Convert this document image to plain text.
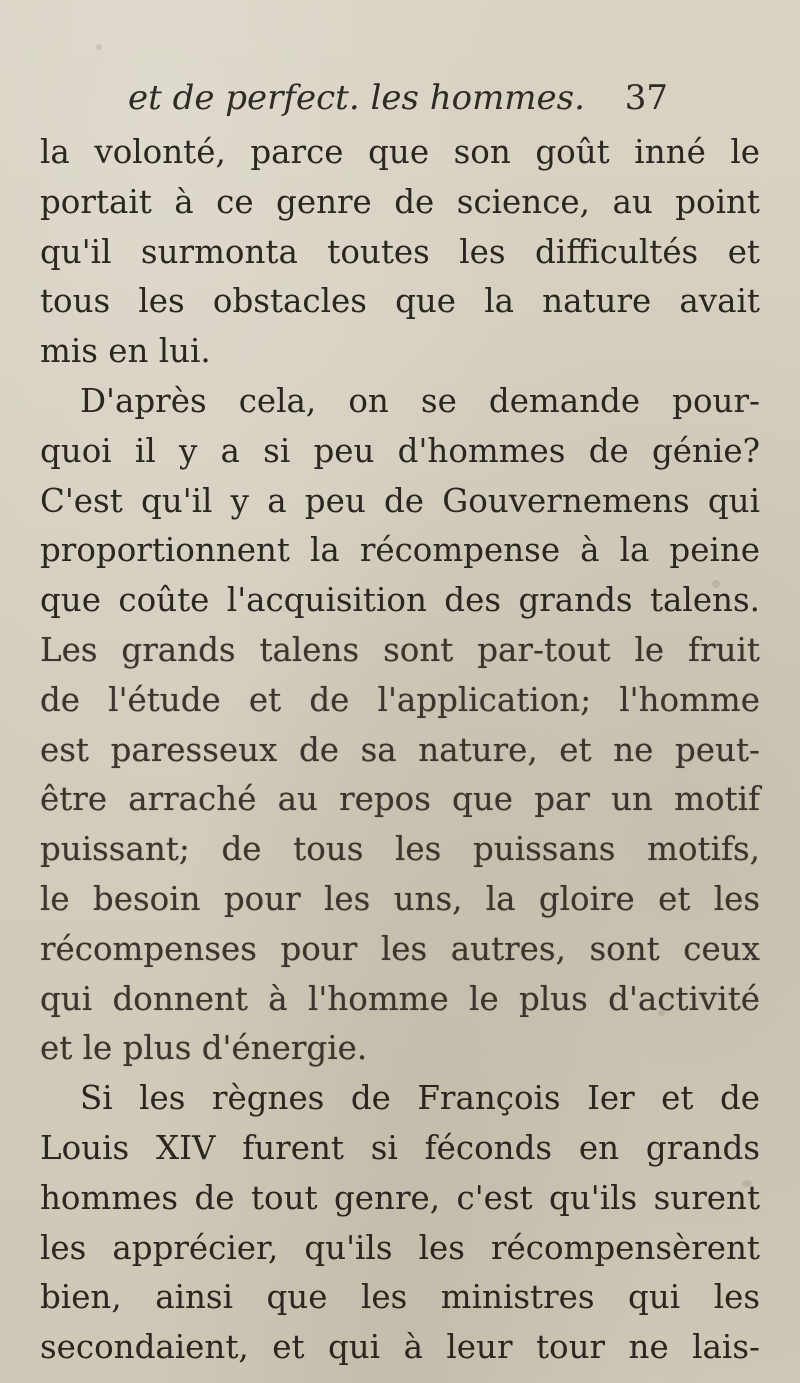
et de perfect. les hommes. 37
la volonté, parce que son goût inné le
portait à ce genre de science, au point
qu'il surmonta toutes les difficultés et
tous les obstacles que la nature avait
mis en lui.
D'après cela, on se demande pour-
quoi il y a si peu d'hommes de génie?
C'est qu'il y a peu de Gouvernemens qui
proportionnent la récompense à la peine
que coûte l'acquisition des grands talens.
Les grands talens sont par-tout le fruit
de l'étude et de l'application; l'homme
est paresseux de sa nature, et ne peut-
être arraché au repos que par un motif
puissant; de tous les puissans motifs,
le besoin pour les uns, la gloire et les
récompenses pour les autres, sont ceux
qui donnent à l'homme le plus d'activité
et le plus d'énergie.
Si les règnes de François Ier et de
Louis XIV furent si féconds en grands
hommes de tout genre, c'est qu'ils surent
les apprécier, qu'ils les récompensèrent
bien, ainsi que les ministres qui les
secondaient, et qui à leur tour ne lais-
